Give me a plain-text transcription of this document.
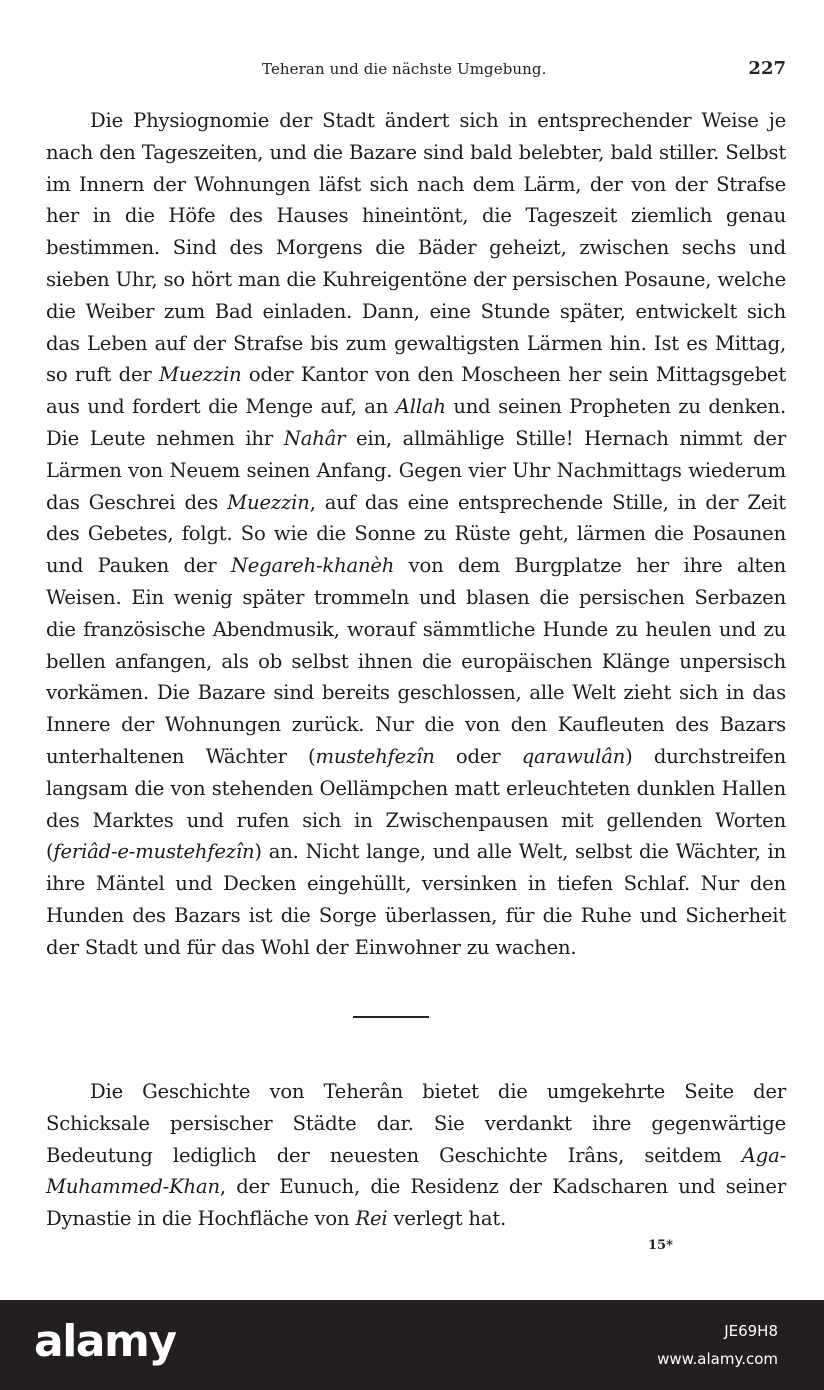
Teheran und die nächste Umgebung.	227

Die Physiognomie der Stadt ändert sich in entsprechender Weise je nach den Tageszeiten, und die Bazare sind bald belebter, bald stiller. Selbst im Innern der Wohnungen läfst sich nach dem Lärm, der von der Strafse her in die Höfe des Hauses hineintönt, die Tageszeit ziemlich genau bestimmen. Sind des Morgens die Bäder geheizt, zwischen sechs und sieben Uhr, so hört man die Kuhreigentöne der persischen Posaune, welche die Weiber zum Bad einladen. Dann, eine Stunde später, entwickelt sich das Leben auf der Strafse bis zum gewaltigsten Lärmen hin. Ist es Mittag, so ruft der Muezzin oder Kantor von den Moscheen her sein Mittagsgebet aus und fordert die Menge auf, an Allah und seinen Propheten zu denken. Die Leute nehmen ihr Nahâr ein, allmählige Stille! Hernach nimmt der Lärmen von Neuem seinen Anfang. Gegen vier Uhr Nachmittags wiederum das Geschrei des Muezzin, auf das eine entsprechende Stille, in der Zeit des Gebetes, folgt. So wie die Sonne zu Rüste geht, lärmen die Posaunen und Pauken der Negareh-khanèh von dem Burgplatze her ihre alten Weisen. Ein wenig später trommeln und blasen die persischen Serbazen die französische Abendmusik, worauf sämmtliche Hunde zu heulen und zu bellen anfangen, als ob selbst ihnen die europäischen Klänge unpersisch vorkämen. Die Bazare sind bereits geschlossen, alle Welt zieht sich in das Innere der Wohnungen zurück. Nur die von den Kaufleuten des Bazars unterhaltenen Wächter (mustehfezîn oder qarawulân) durchstreifen langsam die von stehenden Oellämpchen matt erleuchteten dunklen Hallen des Marktes und rufen sich in Zwischenpausen mit gellenden Worten (feriâd-e-mustehfezîn) an. Nicht lange, und alle Welt, selbst die Wächter, in ihre Mäntel und Decken eingehüllt, versinken in tiefen Schlaf. Nur den Hunden des Bazars ist die Sorge überlassen, für die Ruhe und Sicherheit der Stadt und für das Wohl der Einwohner zu wachen.

Die Geschichte von Teherân bietet die umgekehrte Seite der Schicksale persischer Städte dar. Sie verdankt ihre gegenwärtige Bedeutung lediglich der neuesten Geschichte Irâns, seitdem Aga-Muhammed-Khan, der Eunuch, die Residenz der Kadscharen und seiner Dynastie in die Hochfläche von Rei verlegt hat.

15*
alamy	JE69H8
www.alamy.com
